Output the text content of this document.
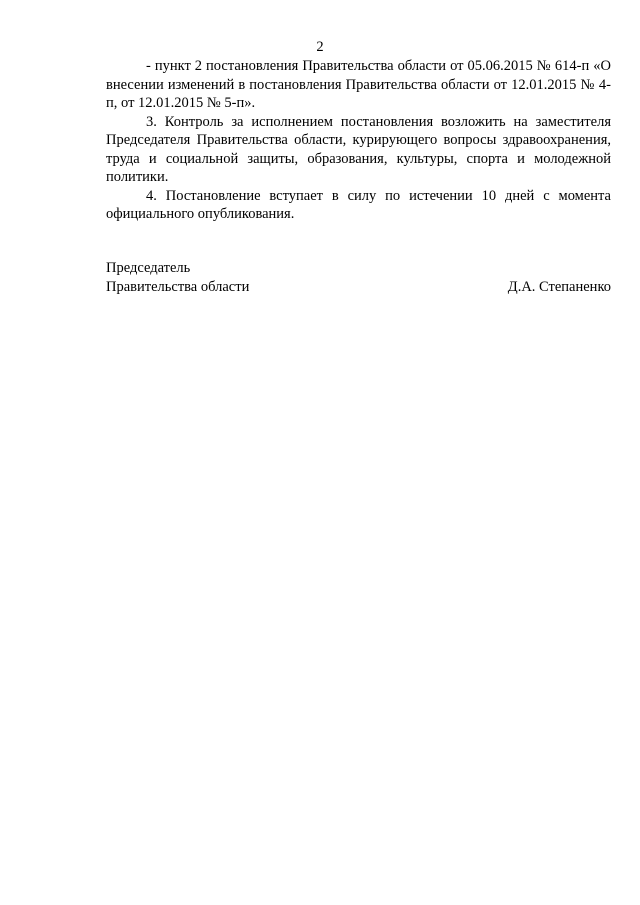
2

- пункт 2 постановления Правительства области от 05.06.2015 № 614-п «О внесении изменений в постановления Правительства области от 12.01.2015 № 4-п, от 12.01.2015 № 5-п».

3. Контроль за исполнением постановления возложить на заместителя Председателя Правительства области, курирующего вопросы здравоохранения, труда и социальной защиты, образования, культуры, спорта и молодежной политики.

4. Постановление вступает в силу по истечении 10 дней с момента официального опубликования.

Председатель
Правительства области	Д.А. Степаненко
